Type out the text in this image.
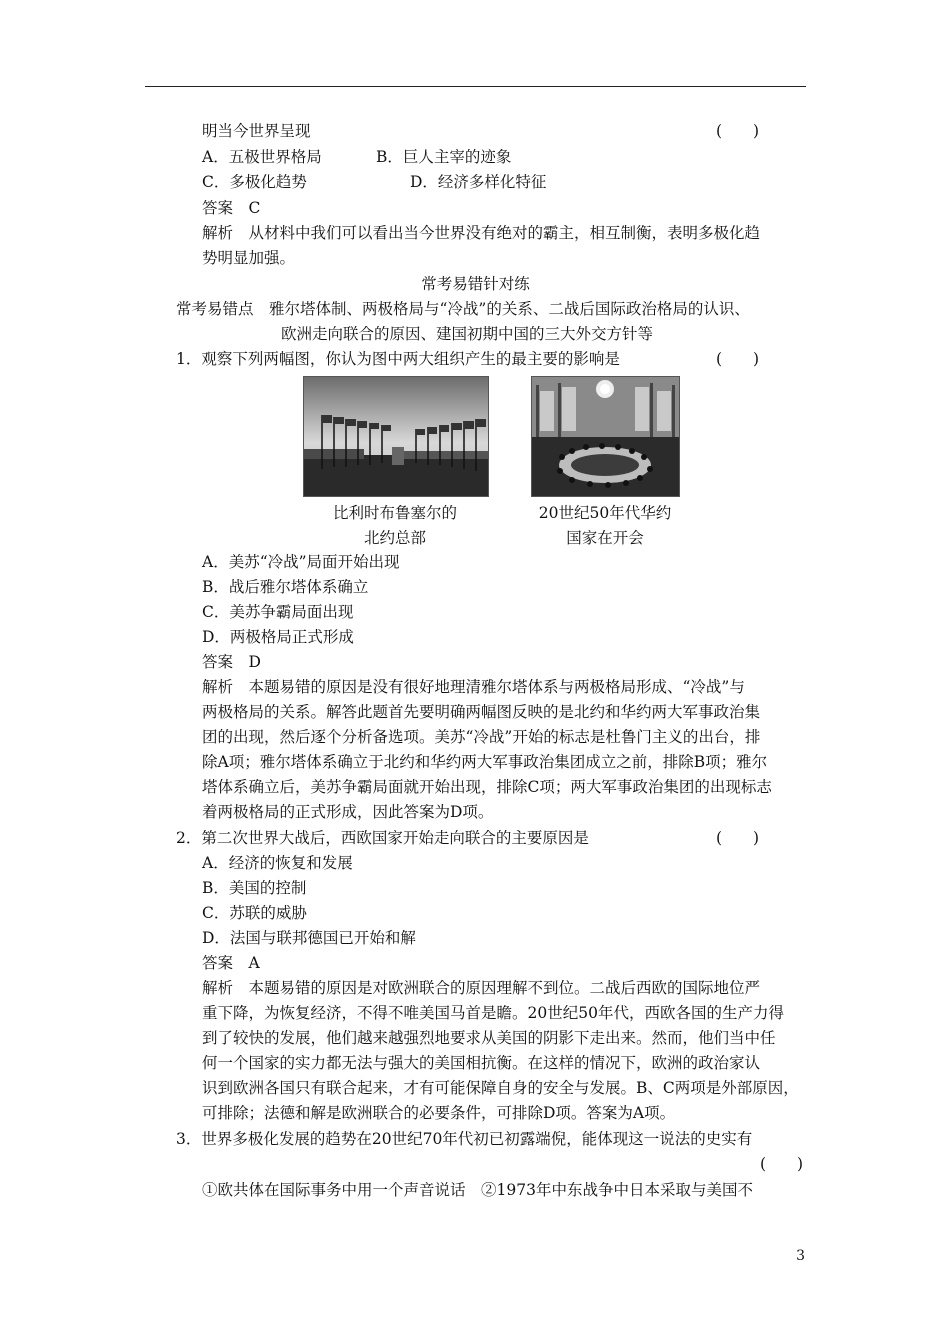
明当今世界呈现	(　　)
A．五极世界格局	B．巨人主宰的迹象
C．多极化趋势	D．经济多样化特征
答案　C
解析　从材料中我们可以看出当今世界没有绝对的霸主，相互制衡，表明多极化趋
势明显加强。
常考易错针对练
常考易错点　雅尔塔体制、两极格局与“冷战”的关系、二战后国际政治格局的认识、
欧洲走向联合的原因、建国初期中国的三大外交方针等
1．观察下列两幅图，你认为图中两大组织产生的最主要的影响是	(　　)
比利时布鲁塞尔的
北约总部
20世纪50年代华约
国家在开会
A．美苏“冷战”局面开始出现
B．战后雅尔塔体系确立
C．美苏争霸局面出现
D．两极格局正式形成
答案　D
解析　本题易错的原因是没有很好地理清雅尔塔体系与两极格局形成、“冷战”与
两极格局的关系。解答此题首先要明确两幅图反映的是北约和华约两大军事政治集
团的出现，然后逐个分析备选项。美苏“冷战”开始的标志是杜鲁门主义的出台，排
除A项；雅尔塔体系确立于北约和华约两大军事政治集团成立之前，排除B项；雅尔
塔体系确立后，美苏争霸局面就开始出现，排除C项；两大军事政治集团的出现标志
着两极格局的正式形成，因此答案为D项。
2．第二次世界大战后，西欧国家开始走向联合的主要原因是	(　　)
A．经济的恢复和发展
B．美国的控制
C．苏联的威胁
D．法国与联邦德国已开始和解
答案　A
解析　本题易错的原因是对欧洲联合的原因理解不到位。二战后西欧的国际地位严
重下降，为恢复经济，不得不唯美国马首是瞻。20世纪50年代，西欧各国的生产力得
到了较快的发展，他们越来越强烈地要求从美国的阴影下走出来。然而，他们当中任
何一个国家的实力都无法与强大的美国相抗衡。在这样的情况下，欧洲的政治家认
识到欧洲各国只有联合起来，才有可能保障自身的安全与发展。B、C两项是外部原因，
可排除；法德和解是欧洲联合的必要条件，可排除D项。答案为A项。
3．世界多极化发展的趋势在20世纪70年代初已初露端倪，能体现这一说法的史实有
(　　)
①欧共体在国际事务中用一个声音说话　②1973年中东战争中日本采取与美国不
3
